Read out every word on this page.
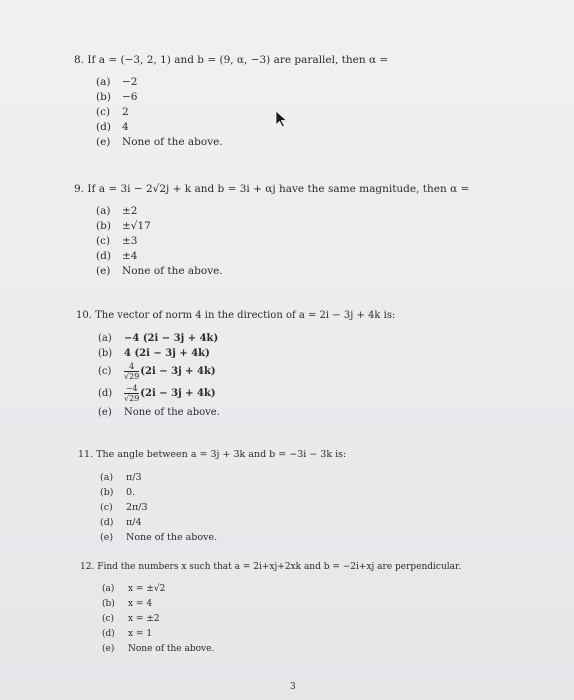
8. If a = (−3, 2, 1) and b = (9, α, −3) are parallel, then α =
(a) −2
(b) −6
(c) 2
(d) 4
(e) None of the above.
9. If a = 3i − 2√2j + k and b = 3i + αj have the same magnitude, then α =
(a) ±2
(b) ±√17
(c) ±3
(d) ±4
(e) None of the above.
10. The vector of norm 4 in the direction of a = 2i − 3j + 4k is:
(a) −4 (2i − 3j + 4k)
(b) 4 (2i − 3j + 4k)
$(c) \frac{4}{√29} (2i - 3j + 4k)$
$(d) \frac{-4}{√29} (2i - 3j + 4k)$
(e) None of the above.
11. The angle between a = 3j + 3k and b = −3i − 3k is:
(a) π/3
(b) 0.
(c) 2π/3
(d) π/4
(e) None of the above.
12. Find the numbers x such that a = 2i+xj+2xk and b = −2i+xj are perpendicular.
(a) x = ±√2
(b) x = 4
(c) x = ±2
(d) x = 1
(e) None of the above.
3
